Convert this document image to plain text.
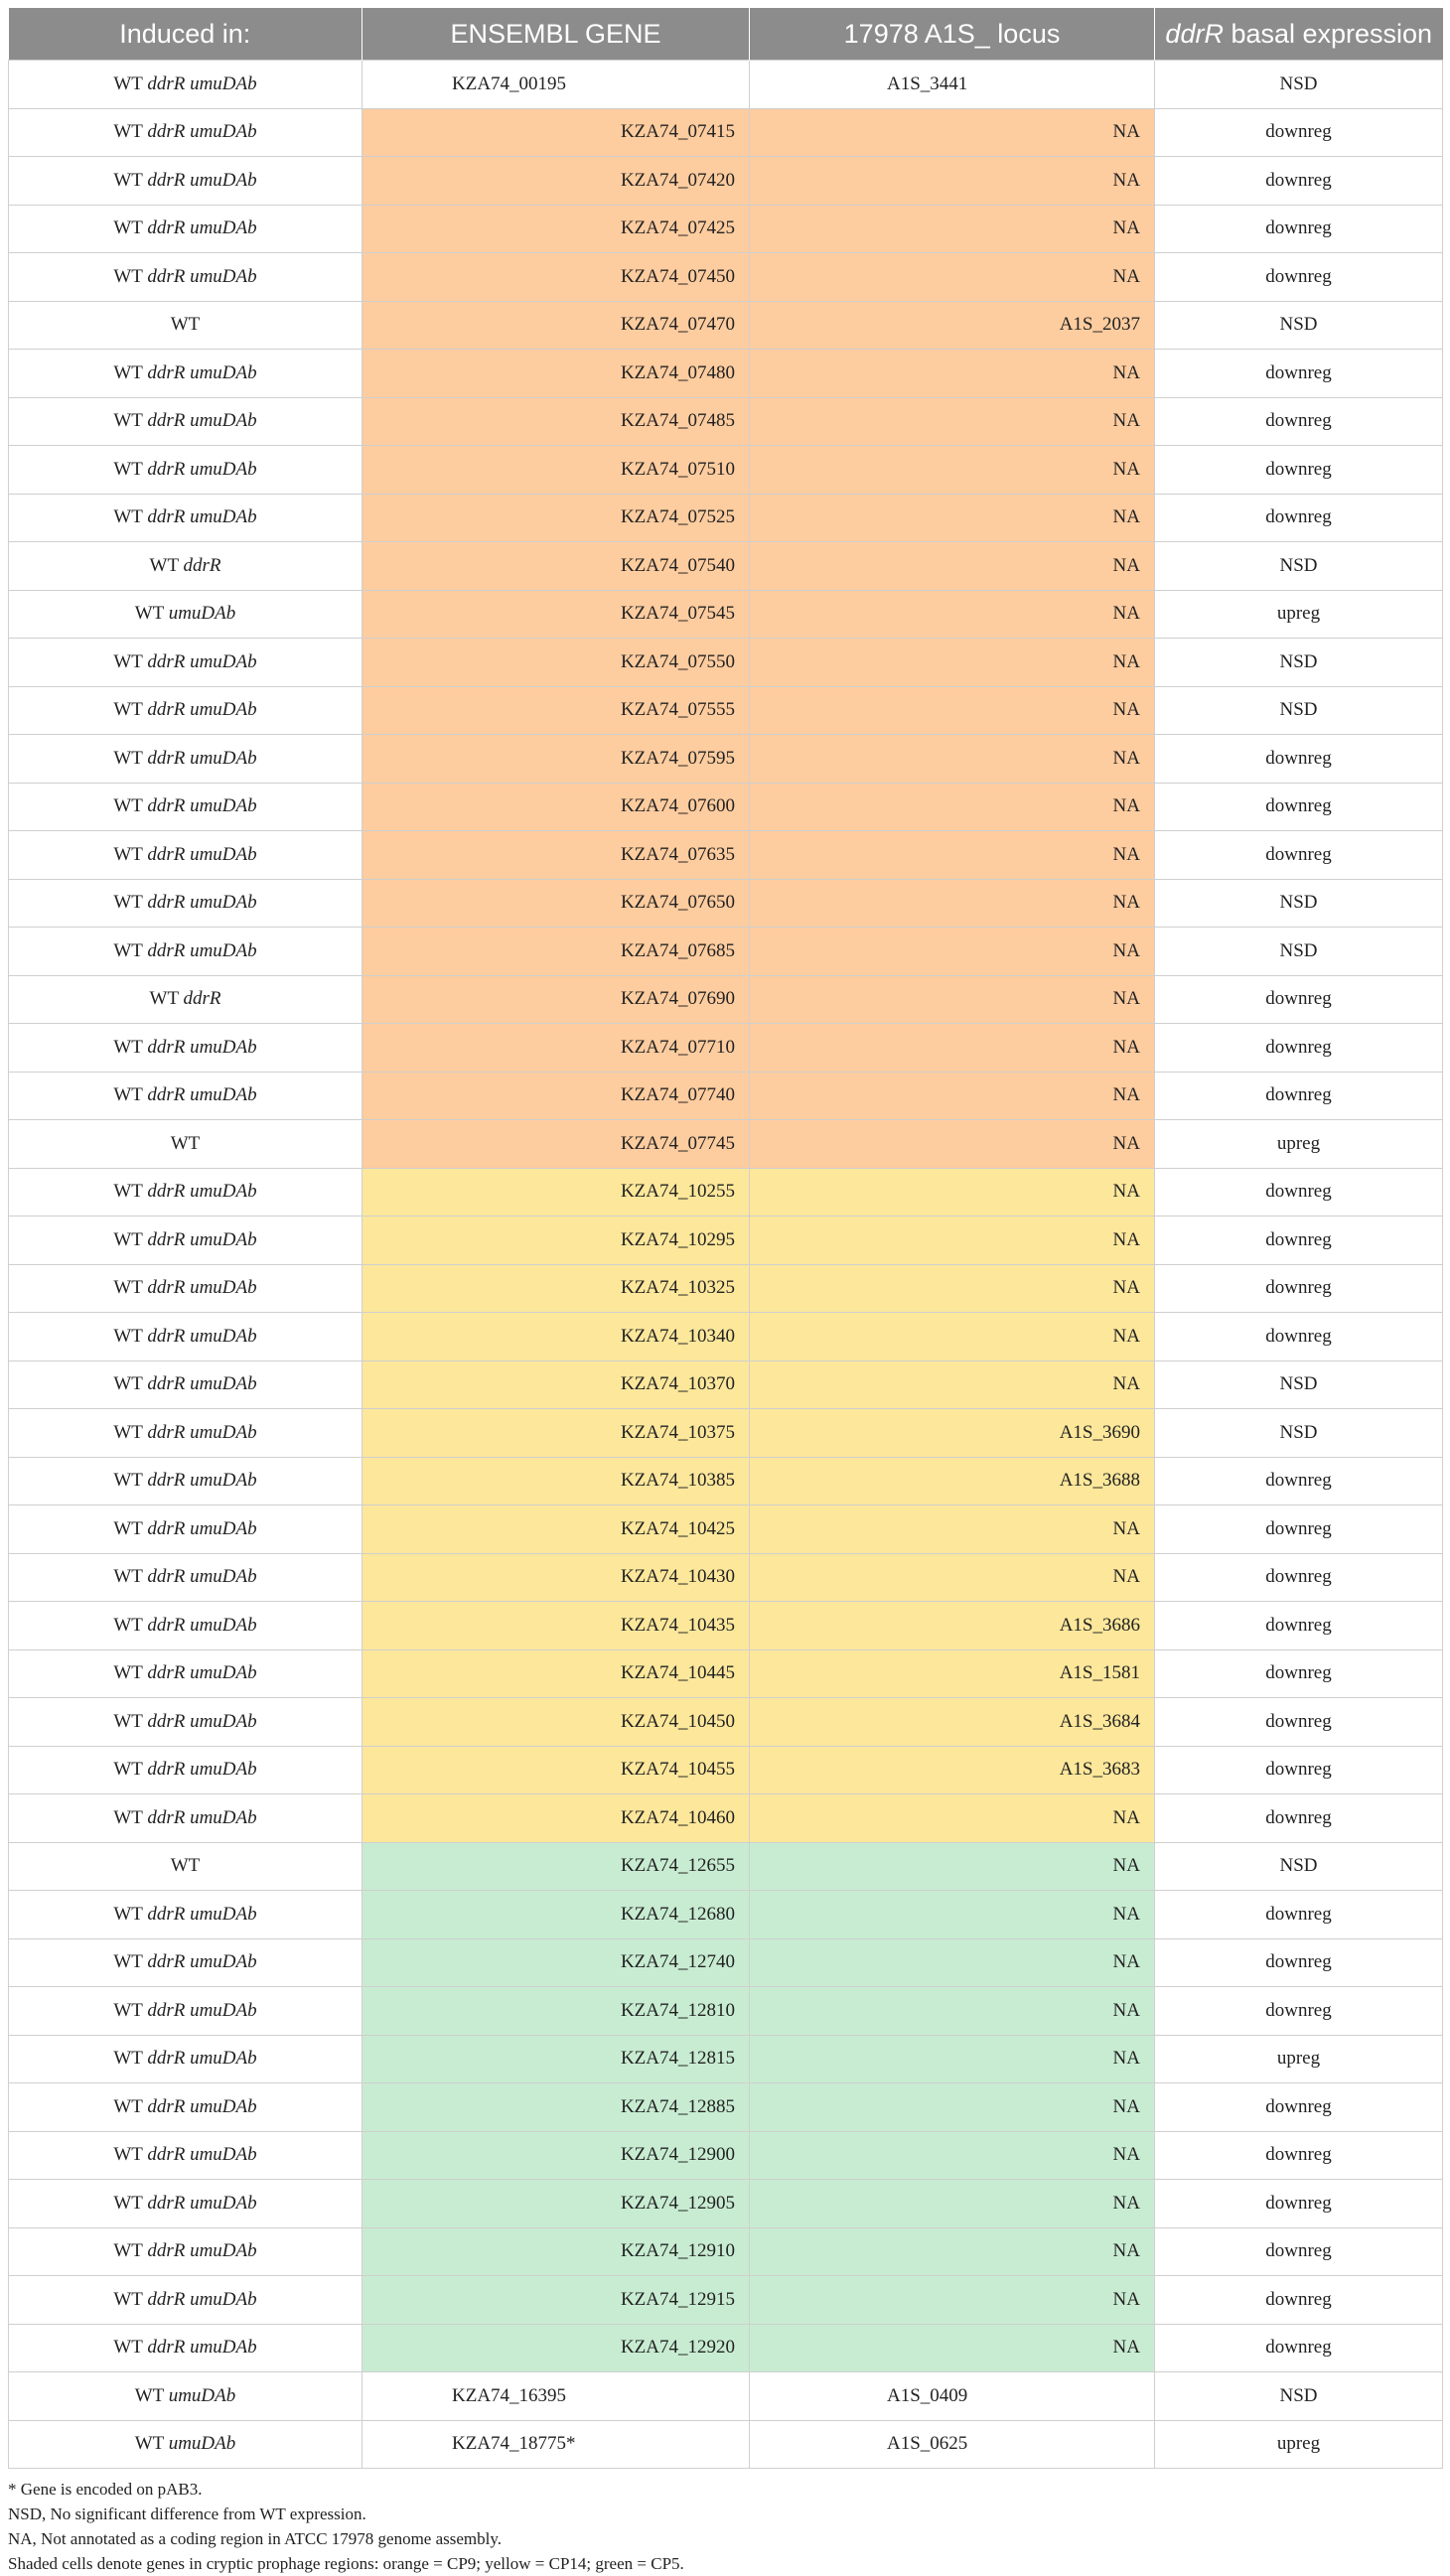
Induced in:	ENSEMBL GENE	17978 A1S_ locus	ddrR basal expression
WT ddrR umuDAb	KZA74_00195	A1S_3441	NSD
WT ddrR umuDAb	KZA74_07415	NA	downreg
WT ddrR umuDAb	KZA74_07420	NA	downreg
WT ddrR umuDAb	KZA74_07425	NA	downreg
WT ddrR umuDAb	KZA74_07450	NA	downreg
WT	KZA74_07470	A1S_2037	NSD
WT ddrR umuDAb	KZA74_07480	NA	downreg
WT ddrR umuDAb	KZA74_07485	NA	downreg
WT ddrR umuDAb	KZA74_07510	NA	downreg
WT ddrR umuDAb	KZA74_07525	NA	downreg
WT ddrR	KZA74_07540	NA	NSD
WT umuDAb	KZA74_07545	NA	upreg
WT ddrR umuDAb	KZA74_07550	NA	NSD
WT ddrR umuDAb	KZA74_07555	NA	NSD
WT ddrR umuDAb	KZA74_07595	NA	downreg
WT ddrR umuDAb	KZA74_07600	NA	downreg
WT ddrR umuDAb	KZA74_07635	NA	downreg
WT ddrR umuDAb	KZA74_07650	NA	NSD
WT ddrR umuDAb	KZA74_07685	NA	NSD
WT ddrR	KZA74_07690	NA	downreg
WT ddrR umuDAb	KZA74_07710	NA	downreg
WT ddrR umuDAb	KZA74_07740	NA	downreg
WT	KZA74_07745	NA	upreg
WT ddrR umuDAb	KZA74_10255	NA	downreg
WT ddrR umuDAb	KZA74_10295	NA	downreg
WT ddrR umuDAb	KZA74_10325	NA	downreg
WT ddrR umuDAb	KZA74_10340	NA	downreg
WT ddrR umuDAb	KZA74_10370	NA	NSD
WT ddrR umuDAb	KZA74_10375	A1S_3690	NSD
WT ddrR umuDAb	KZA74_10385	A1S_3688	downreg
WT ddrR umuDAb	KZA74_10425	NA	downreg
WT ddrR umuDAb	KZA74_10430	NA	downreg
WT ddrR umuDAb	KZA74_10435	A1S_3686	downreg
WT ddrR umuDAb	KZA74_10445	A1S_1581	downreg
WT ddrR umuDAb	KZA74_10450	A1S_3684	downreg
WT ddrR umuDAb	KZA74_10455	A1S_3683	downreg
WT ddrR umuDAb	KZA74_10460	NA	downreg
WT	KZA74_12655	NA	NSD
WT ddrR umuDAb	KZA74_12680	NA	downreg
WT ddrR umuDAb	KZA74_12740	NA	downreg
WT ddrR umuDAb	KZA74_12810	NA	downreg
WT ddrR umuDAb	KZA74_12815	NA	upreg
WT ddrR umuDAb	KZA74_12885	NA	downreg
WT ddrR umuDAb	KZA74_12900	NA	downreg
WT ddrR umuDAb	KZA74_12905	NA	downreg
WT ddrR umuDAb	KZA74_12910	NA	downreg
WT ddrR umuDAb	KZA74_12915	NA	downreg
WT ddrR umuDAb	KZA74_12920	NA	downreg
WT umuDAb	KZA74_16395	A1S_0409	NSD
WT umuDAb	KZA74_18775*	A1S_0625	upreg
* Gene is encoded on pAB3.
NSD, No significant difference from WT expression.
NA, Not annotated as a coding region in ATCC 17978 genome assembly.
Shaded cells denote genes in cryptic prophage regions: orange = CP9; yellow = CP14; green = CP5.
